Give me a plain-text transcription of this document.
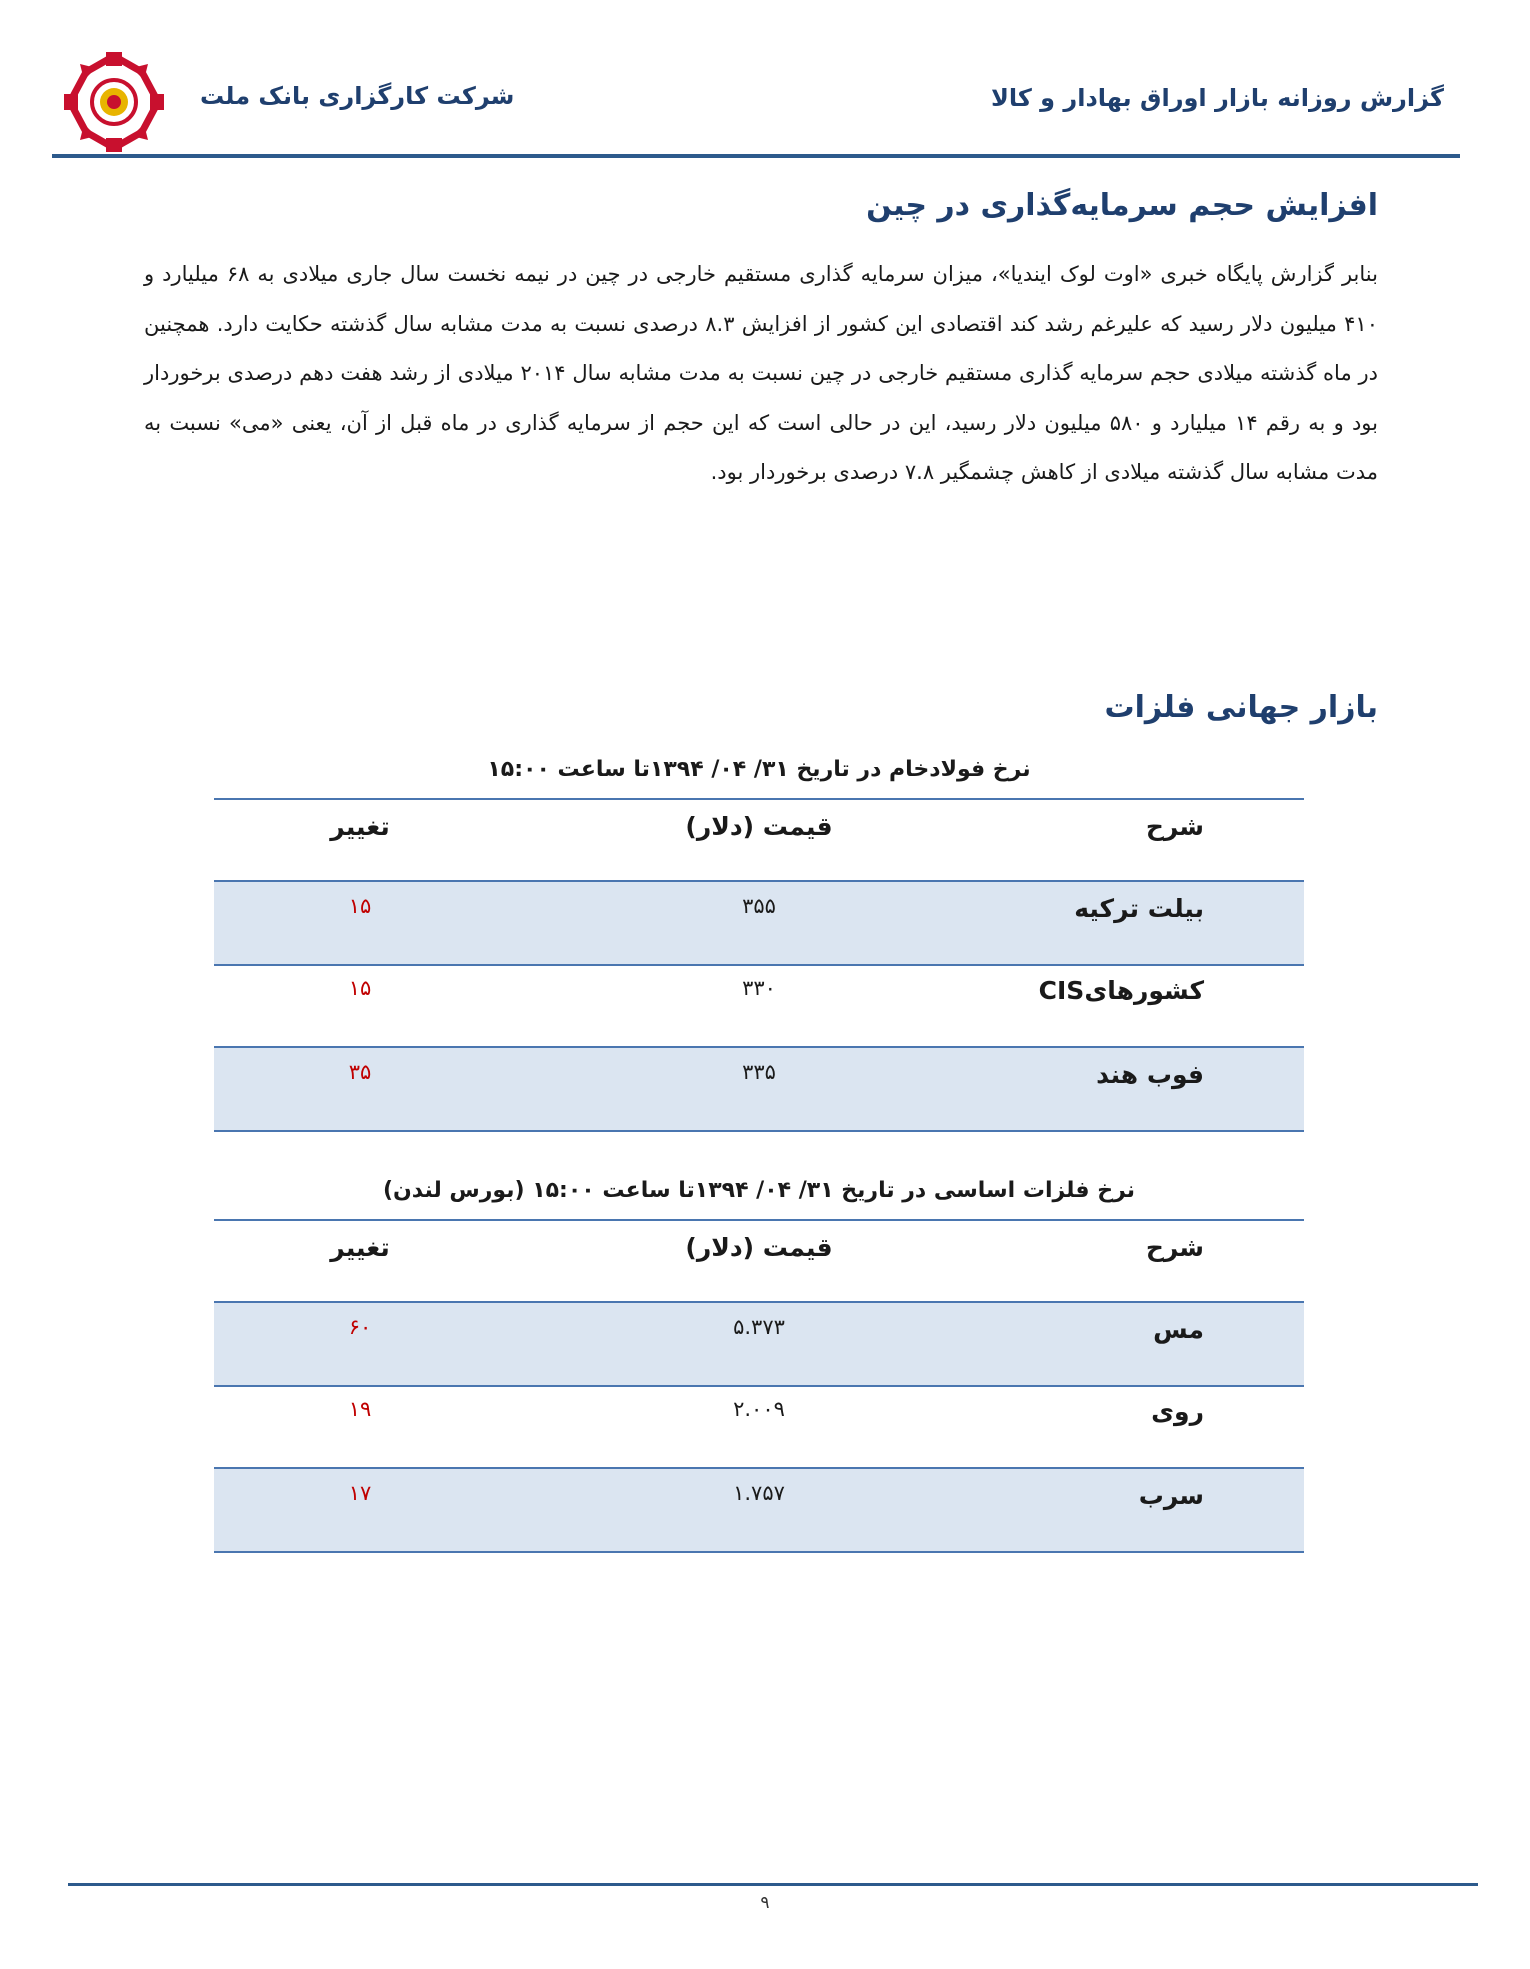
شرکت کارگزاری بانک ملت	گزارش روزانه بازار اوراق بهادار و کالا
افزایش حجم سرمایه‌گذاری در چین
بنابر گزارش پایگاه خبری «اوت لوک ایندیا»، میزان سرمایه گذاری مستقیم خارجی در چین در نیمه نخست سال جاری میلادی به ۶۸ میلیارد و ۴۱۰ میلیون دلار رسید که علیرغم رشد کند اقتصادی این کشور از افزایش ۸.۳ درصدی نسبت به مدت مشابه سال گذشته حکایت دارد. همچنین در ماه گذشته میلادی حجم سرمایه گذاری مستقیم خارجی در چین نسبت به مدت مشابه سال ۲۰۱۴ میلادی از رشد هفت دهم درصدی برخوردار بود و به رقم ۱۴ میلیارد و ۵۸۰ میلیون دلار رسید، این در حالی است که این حجم از سرمایه گذاری در ماه قبل از آن، یعنی «می» نسبت به مدت مشابه سال گذشته میلادی از کاهش چشمگیر ۷.۸ درصدی برخوردار بود.
بازار جهانی فلزات
نرخ فولادخام در تاریخ ۳۱/ ۰۴/ ۱۳۹۴تا ساعت ۱۵:۰۰
شرح
قیمت (دلار)
تغییر
بیلت ترکیه
۳۵۵
۱۵
کشورهایCIS
۳۳۰
۱۵
فوب هند
۳۳۵
۳۵
نرخ فلزات اساسی در تاریخ ۳۱/ ۰۴/ ۱۳۹۴تا ساعت ۱۵:۰۰ (بورس لندن)
شرح
قیمت (دلار)
تغییر
مس
۵.۳۷۳
۶۰
روی
۲.۰۰۹
۱۹
سرب
۱.۷۵۷
۱۷
۹
